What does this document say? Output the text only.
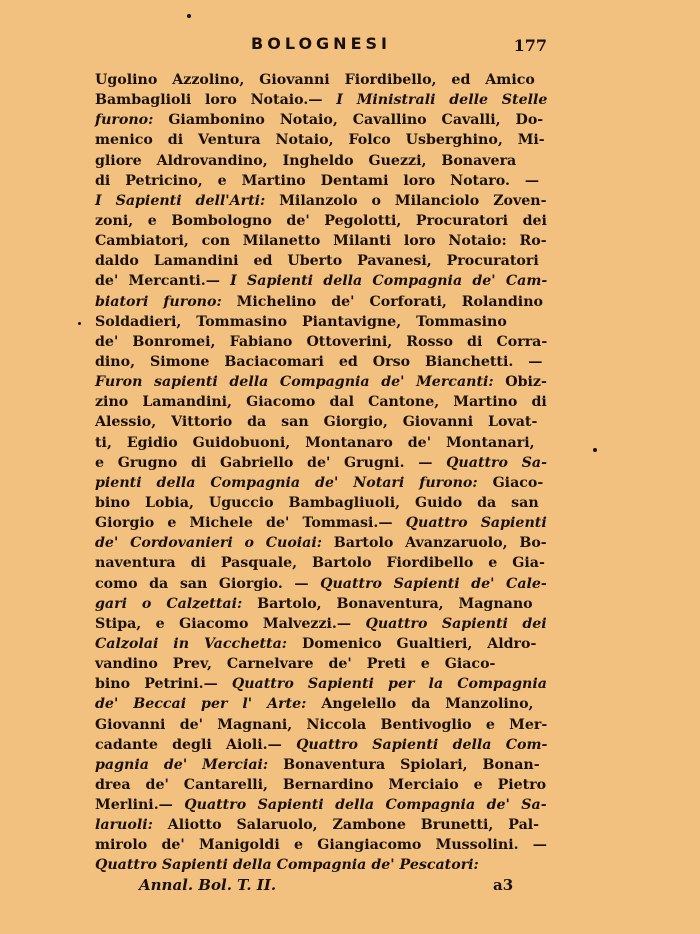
BOLOGNESI	177
Ugolino Azzolino, Giovanni Fiordibello, ed Amico
Bambaglioli loro Notaio.— I Ministrali delle Stelle
furono: Giambonino Notaio, Cavallino Cavalli, Do-
menico di Ventura Notaio, Folco Usberghino, Mi-
gliore Aldrovandino, Ingheldo Guezzi, Bonavera
di Petricino, e Martino Dentami loro Notaro. —
I Sapienti dell'Arti: Milanzolo o Milanciolo Zoven-
zoni, e Bombologno de' Pegolotti, Procuratori dei
Cambiatori, con Milanetto Milanti loro Notaio: Ro-
daldo Lamandini ed Uberto Pavanesi, Procuratori
de' Mercanti.— I Sapienti della Compagnia de' Cam-
biatori furono: Michelino de' Corforati, Rolandino
Soldadieri, Tommasino Piantavigne, Tommasino
de' Bonromei, Fabiano Ottoverini, Rosso di Corra-
dino, Simone Baciacomari ed Orso Bianchetti. —
Furon sapienti della Compagnia de' Mercanti: Obiz-
zino Lamandini, Giacomo dal Cantone, Martino di
Alessio, Vittorio da san Giorgio, Giovanni Lovat-
ti, Egidio Guidobuoni, Montanaro de' Montanari,
e Grugno di Gabriello de' Grugni. — Quattro Sa-
pienti della Compagnia de' Notari furono: Giaco-
bino Lobia, Uguccio Bambagliuoli, Guido da san
Giorgio e Michele de' Tommasi.— Quattro Sapienti
de' Cordovanieri o Cuoiai: Bartolo Avanzaruolo, Bo-
naventura di Pasquale, Bartolo Fiordibello e Gia-
como da san Giorgio. — Quattro Sapienti de' Cale-
gari o Calzettai: Bartolo, Bonaventura, Magnano
Stipa, e Giacomo Malvezzi.— Quattro Sapienti dei
Calzolai in Vacchetta: Domenico Gualtieri, Aldro-
vandino Prev, Carnelvare de' Preti e Giaco-
bino Petrini.— Quattro Sapienti per la Compagnia
de' Beccai per l' Arte: Angelello da Manzolino,
Giovanni de' Magnani, Niccola Bentivoglio e Mer-
cadante degli Aioli.— Quattro Sapienti della Com-
pagnia de' Merciai: Bonaventura Spiolari, Bonan-
drea de' Cantarelli, Bernardino Merciaio e Pietro
Merlini.— Quattro Sapienti della Compagnia de' Sa-
laruoli: Aliotto Salaruolo, Zambone Brunetti, Pal-
mirolo de' Manigoldi e Giangiacomo Mussolini. —
Quattro Sapienti della Compagnia de' Pescatori:
Annal. Bol. T. II.	a3
